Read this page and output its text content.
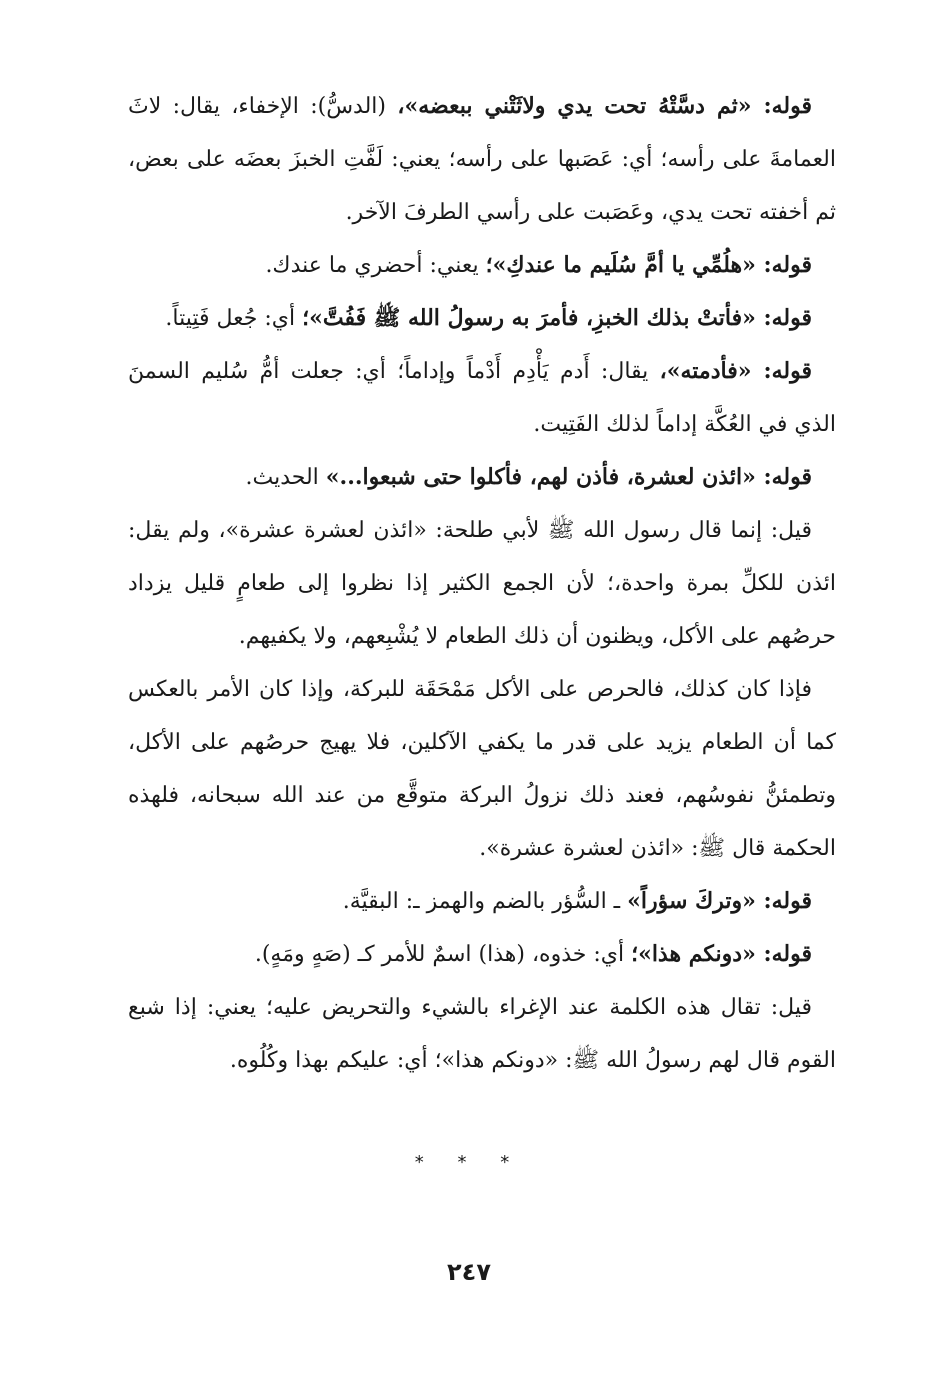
قوله: «ثم دسَّتْهُ تحت يدي ولاثَتْني ببعضه»، (الدسُّ): الإخفاء، يقال: لاثَ العمامةَ على رأسه؛ أي: عَصَبها على رأسه؛ يعني: لَفَّتِ الخبزَ بعضَه على بعض، ثم أخفته تحت يدي، وعَصَبت على رأسي الطرفَ الآخر.

قوله: «هلُمِّي يا أمَّ سُلَيم ما عندكِ»؛ يعني: أحضري ما عندك.

قوله: «فأتتْ بذلك الخبزِ، فأمرَ به رسولُ الله ﷺ فَفُتَّ»؛ أي: جُعل فَتِيتاً.

قوله: «فأدمته»، يقال: أَدم يَأْدِم أَدْماً وإداماً؛ أي: جعلت أمُّ سُليم السمنَ الذي في العُكَّة إداماً لذلك الفَتِيت.

قوله: «ائذن لعشرة، فأذن لهم، فأكلوا حتى شبعوا...» الحديث.

قيل: إنما قال رسول الله ﷺ لأبي طلحة: «ائذن لعشرة عشرة»، ولم يقل: ائذن للكلِّ بمرة واحدة،؛ لأن الجمع الكثير إذا نظروا إلى طعامٍ قليل يزداد حرصُهم على الأكل، ويظنون أن ذلك الطعام لا يُشْبِعهم، ولا يكفيهم.

فإذا كان كذلك، فالحرص على الأكل مَمْحَقَة للبركة، وإذا كان الأمر بالعكس كما أن الطعام يزيد على قدر ما يكفي الآكلين، فلا يهيج حرصُهم على الأكل، وتطمئنُّ نفوسُهم، فعند ذلك نزولُ البركة متوقَّع من عند الله سبحانه، فلهذه الحكمة قال ﷺ: «ائذن لعشرة عشرة».

قوله: «وتركَ سؤراً» ـ السُّؤر بالضم والهمز ـ: البقيَّة.

قوله: «دونكم هذا»؛ أي: خذوه، (هذا) اسمٌ للأمر كـ (صَهٍ ومَهٍ).

قيل: تقال هذه الكلمة عند الإغراء بالشيء والتحريض عليه؛ يعني: إذا شبع القوم قال لهم رسولُ الله ﷺ: «دونكم هذا»؛ أي: عليكم بهذا وكُلُوه.

* * *
٢٤٧
